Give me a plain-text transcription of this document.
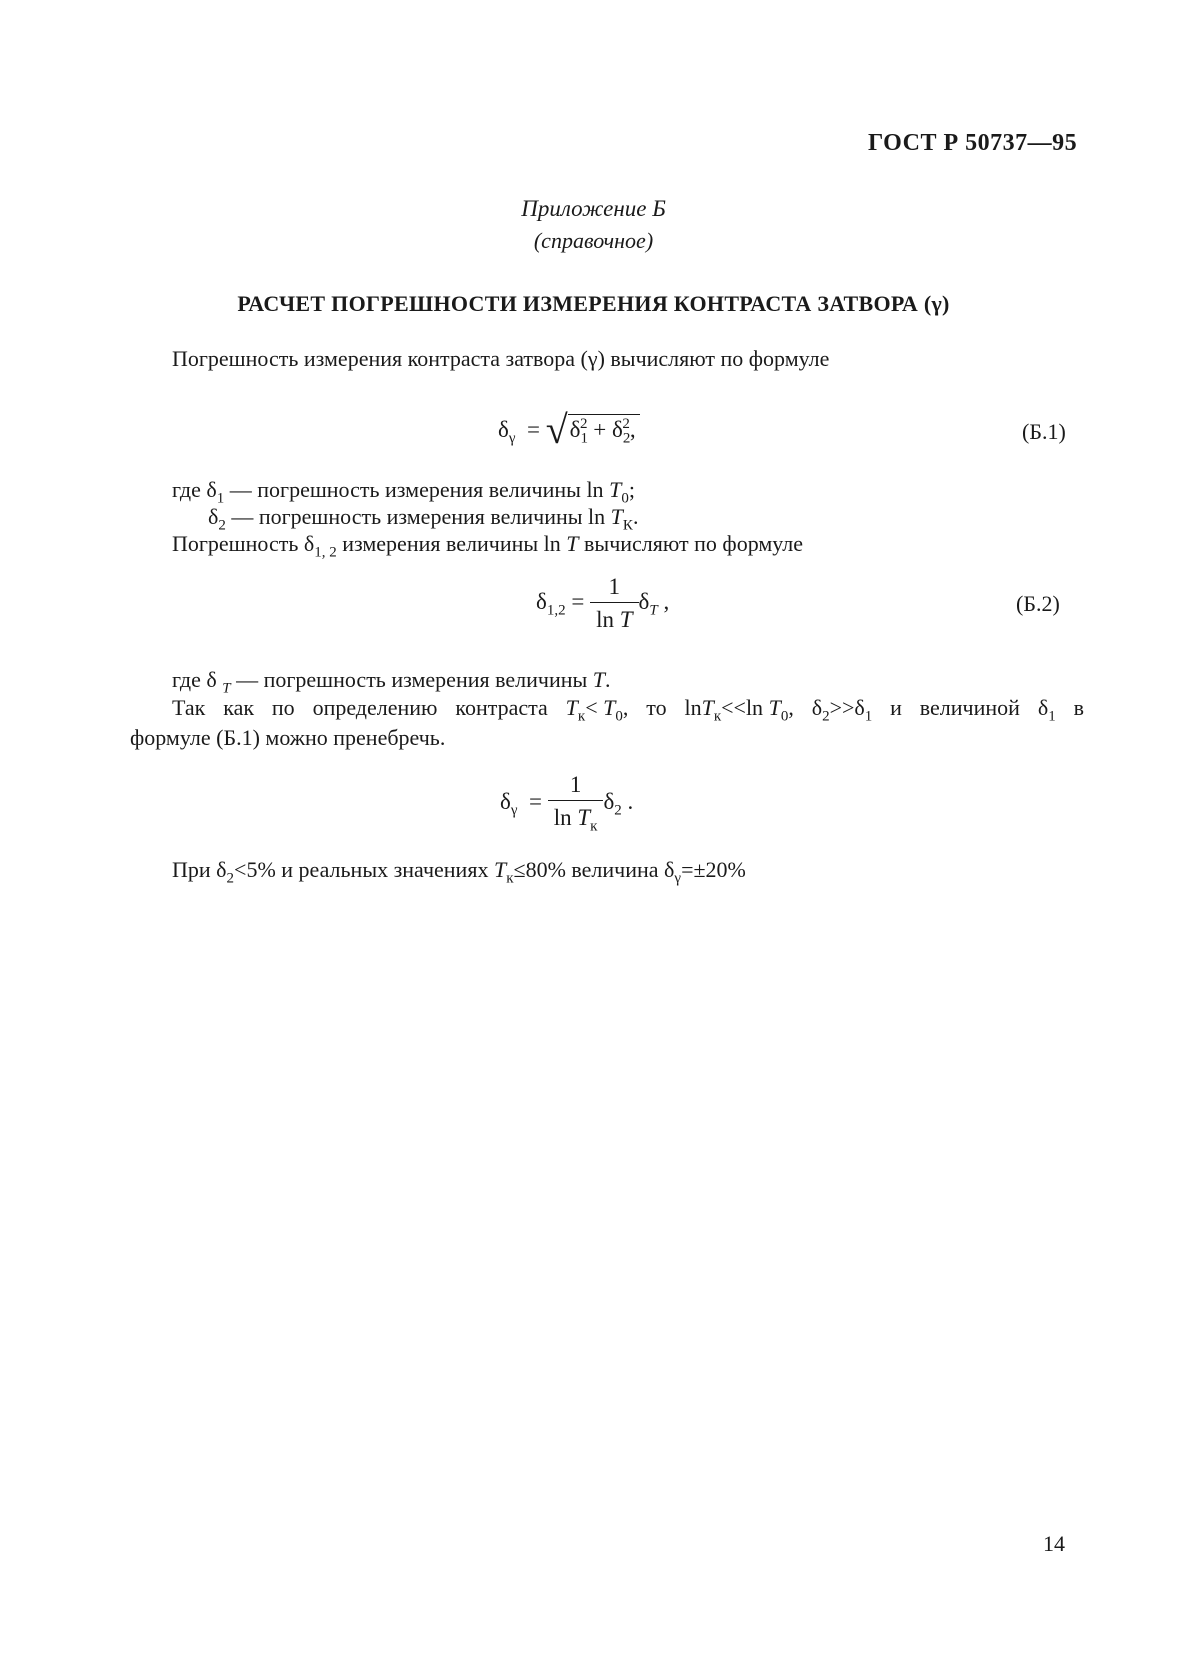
ГОСТ Р 50737—95
Приложение Б
(справочное)
РАСЧЕТ ПОГРЕШНОСТИ ИЗМЕРЕНИЯ КОНТРАСТА ЗАТВОРА (γ)
Погрешность измерения контраста затвора (γ) вычисляют по формуле
$\delta_\gamma = √\delta_1^2 + \delta_2^2$,	(Б.1)
где $\delta_1$ — погрешность измерения величины $\ln T_0$;
$\delta_2$ — погрешность измерения величины $\ln T_К$.
Погрешность $\delta_{1, 2}$ измерения величины ln T вычисляют по формуле
$\delta_{1,2} = \frac{1}{\text{ln T}} \delta_T$ ,	(Б.2)
где δ $_T$ — погрешность измерения величины T.
Так как по определению контраста $T_к< T_0$, то lnT$_к$<<ln $T_0$, $\delta_2>>\delta_1$ и величиной $\delta_1$ в
формуле (Б.1) можно пренебречь.
$\delta_\gamma = \frac{1}{\ln T_к} \delta_2$ .
При $\delta_2<5\%$ и реальных значениях $T_к\le 80\%$ величина $\delta_\gamma=\pm 20\%$
14
